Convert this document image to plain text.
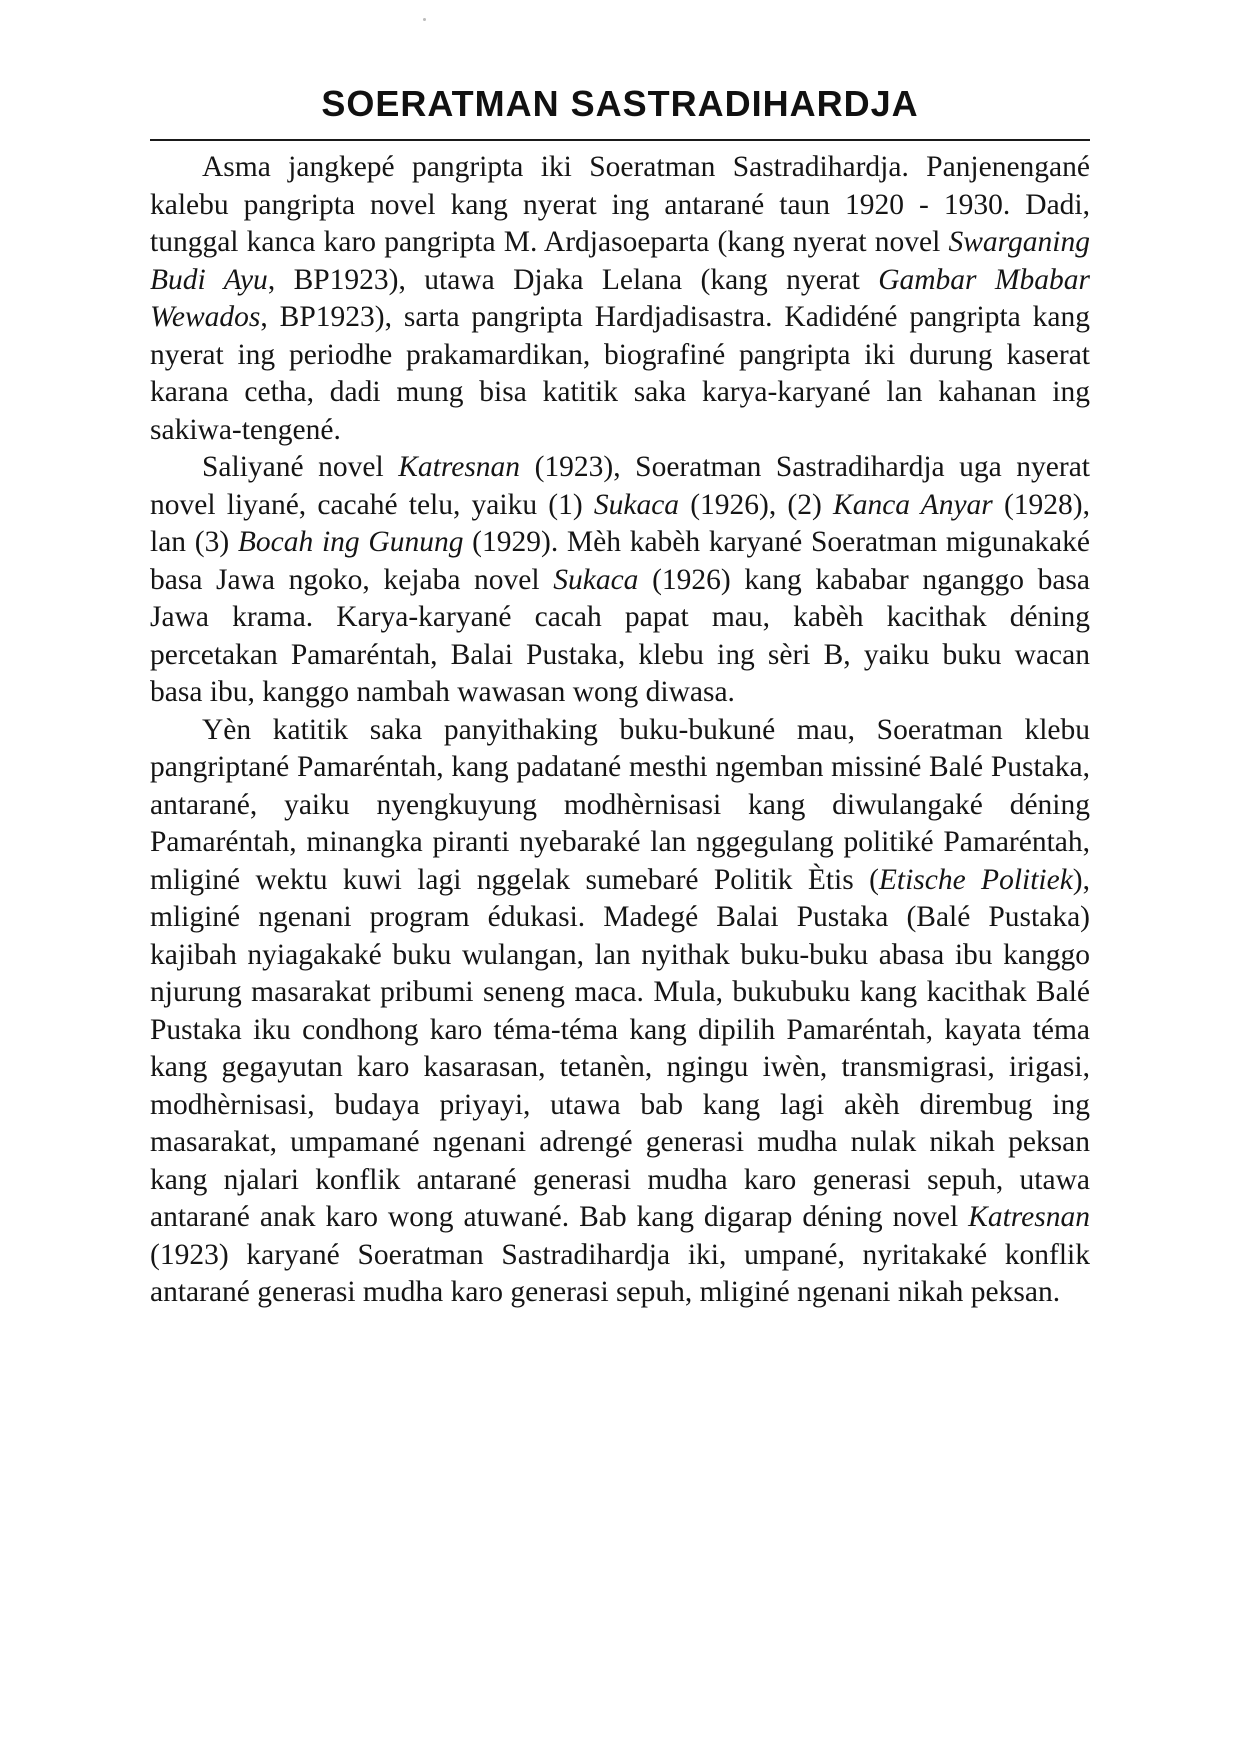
SOERATMAN SASTRADIHARDJA

Asma jangkepé pangripta iki Soeratman Sastradihardja. Panjenengané kalebu pangripta novel kang nyerat ing antarané taun 1920 - 1930. Dadi, tunggal kanca karo pangripta M. Ardjasoeparta (kang nyerat novel Swarganing Budi Ayu, BP1923), utawa Djaka Lelana (kang nyerat Gambar Mbabar Wewados, BP1923), sarta pangripta Hardjadisastra. Kadidéné pangripta kang nyerat ing periodhe prakamardikan, biografiné pangripta iki durung kaserat karana cetha, dadi mung bisa katitik saka karya-karyané lan kahanan ing sakiwa-tengené.

Saliyané novel Katresnan (1923), Soeratman Sastradihardja uga nyerat novel liyané, cacahé telu, yaiku (1) Sukaca (1926), (2) Kanca Anyar (1928), lan (3) Bocah ing Gunung (1929). Mèh kabèh karyané Soeratman migunakaké basa Jawa ngoko, kejaba novel Sukaca (1926) kang kababar nganggo basa Jawa krama. Karya-karyané cacah papat mau, kabèh kacithak déning percetakan Pamaréntah, Balai Pustaka, klebu ing sèri B, yaiku buku wacan basa ibu, kanggo nambah wawasan wong diwasa.

Yèn katitik saka panyithaking buku-bukuné mau, Soeratman klebu pangriptané Pamaréntah, kang padatané mesthi ngemban missiné Balé Pustaka, antarané, yaiku nyengkuyung modhèrnisasi kang diwulangaké déning Pamaréntah, minangka piranti nyebaraké lan nggegulang politiké Pamaréntah, mliginé wektu kuwi lagi nggelak sumebaré Politik Ètis (Etische Politiek), mliginé ngenani program édukasi. Madegé Balai Pustaka (Balé Pustaka) kajibah nyiagakaké buku wulangan, lan nyithak buku-buku abasa ibu kanggo njurung masarakat pribumi seneng maca. Mula, bukubuku kang kacithak Balé Pustaka iku condhong karo téma-téma kang dipilih Pamaréntah, kayata téma kang gegayutan karo kasarasan, tetanèn, ngingu iwèn, transmigrasi, irigasi, modhèrnisasi, budaya priyayi, utawa bab kang lagi akèh dirembug ing masarakat, umpamané ngenani adrengé generasi mudha nulak nikah peksan kang njalari konflik antarané generasi mudha karo generasi sepuh, utawa antarané anak karo wong atuwané. Bab kang digarap déning novel Katresnan (1923) karyané Soeratman Sastradihardja iki, umpané, nyritakaké konflik antarané generasi mudha karo generasi sepuh, mliginé ngenani nikah peksan.
